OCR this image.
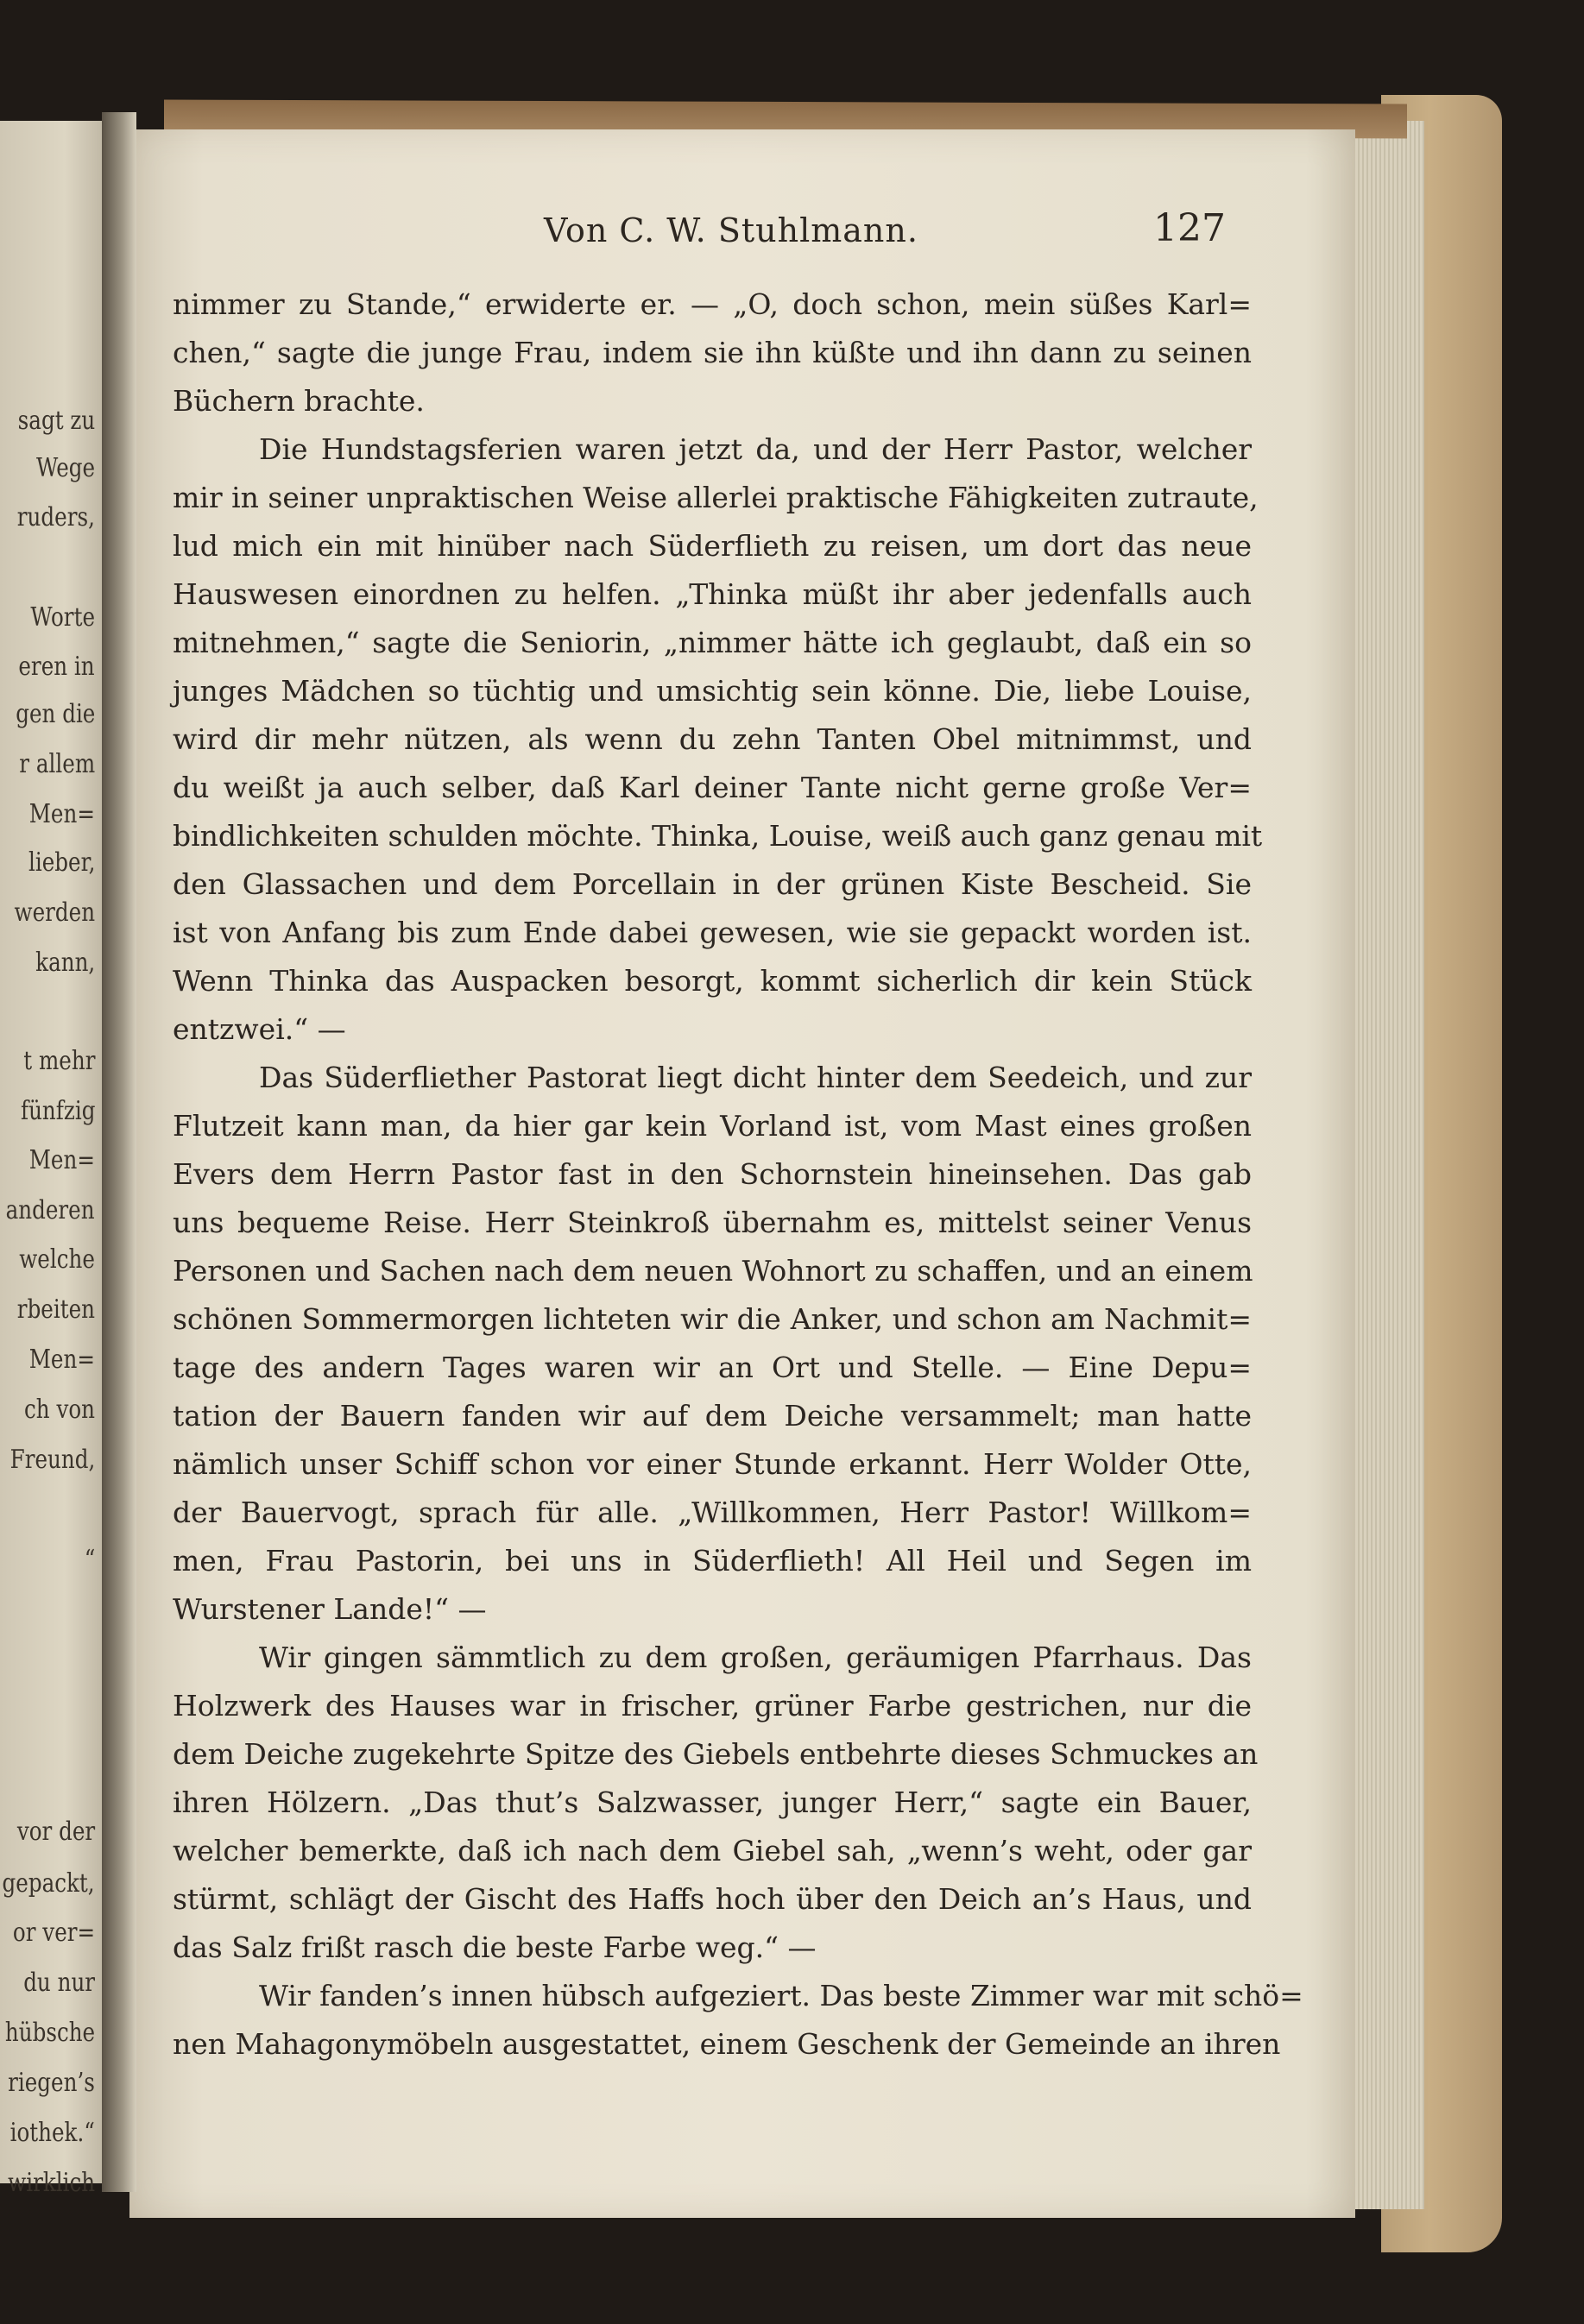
sagt zu
Wege
ruders,
Worte
eren in
gen die
r allem
Men=
lieber,
werden
kann,
t mehr
fünfzig
Men=
anderen
welche
rbeiten
Men=
ch von
Freund,
“
vor der
gepackt,
or ver=
du nur
hübsche
riegen’s
iothek.“
wirklich
Von C. W. Stuhlmann.	127
nimmer zu Stande,“ erwiderte er. — „O, doch schon, mein süßes Karl=
chen,“ sagte die junge Frau, indem sie ihn küßte und ihn dann zu seinen
Büchern brachte.
Die Hundstagsferien waren jetzt da, und der Herr Pastor, welcher
mir in seiner unpraktischen Weise allerlei praktische Fähigkeiten zutraute,
lud mich ein mit hinüber nach Süderflieth zu reisen, um dort das neue
Hauswesen einordnen zu helfen. „Thinka müßt ihr aber jedenfalls auch
mitnehmen,“ sagte die Seniorin, „nimmer hätte ich geglaubt, daß ein so
junges Mädchen so tüchtig und umsichtig sein könne. Die, liebe Louise,
wird dir mehr nützen, als wenn du zehn Tanten Obel mitnimmst, und
du weißt ja auch selber, daß Karl deiner Tante nicht gerne große Ver=
bindlichkeiten schulden möchte. Thinka, Louise, weiß auch ganz genau mit
den Glassachen und dem Porcellain in der grünen Kiste Bescheid. Sie
ist von Anfang bis zum Ende dabei gewesen, wie sie gepackt worden ist.
Wenn Thinka das Auspacken besorgt, kommt sicherlich dir kein Stück
entzwei.“ —
Das Süderfliether Pastorat liegt dicht hinter dem Seedeich, und zur
Flutzeit kann man, da hier gar kein Vorland ist, vom Mast eines großen
Evers dem Herrn Pastor fast in den Schornstein hineinsehen. Das gab
uns bequeme Reise. Herr Steinkroß übernahm es, mittelst seiner Venus
Personen und Sachen nach dem neuen Wohnort zu schaffen, und an einem
schönen Sommermorgen lichteten wir die Anker, und schon am Nachmit=
tage des andern Tages waren wir an Ort und Stelle. — Eine Depu=
tation der Bauern fanden wir auf dem Deiche versammelt; man hatte
nämlich unser Schiff schon vor einer Stunde erkannt. Herr Wolder Otte,
der Bauervogt, sprach für alle. „Willkommen, Herr Pastor! Willkom=
men, Frau Pastorin, bei uns in Süderflieth! All Heil und Segen im
Wurstener Lande!“ —
Wir gingen sämmtlich zu dem großen, geräumigen Pfarrhaus. Das
Holzwerk des Hauses war in frischer, grüner Farbe gestrichen, nur die
dem Deiche zugekehrte Spitze des Giebels entbehrte dieses Schmuckes an
ihren Hölzern. „Das thut’s Salzwasser, junger Herr,“ sagte ein Bauer,
welcher bemerkte, daß ich nach dem Giebel sah, „wenn’s weht, oder gar
stürmt, schlägt der Gischt des Haffs hoch über den Deich an’s Haus, und
das Salz frißt rasch die beste Farbe weg.“ —
Wir fanden’s innen hübsch aufgeziert. Das beste Zimmer war mit schö=
nen Mahagonymöbeln ausgestattet, einem Geschenk der Gemeinde an ihren
